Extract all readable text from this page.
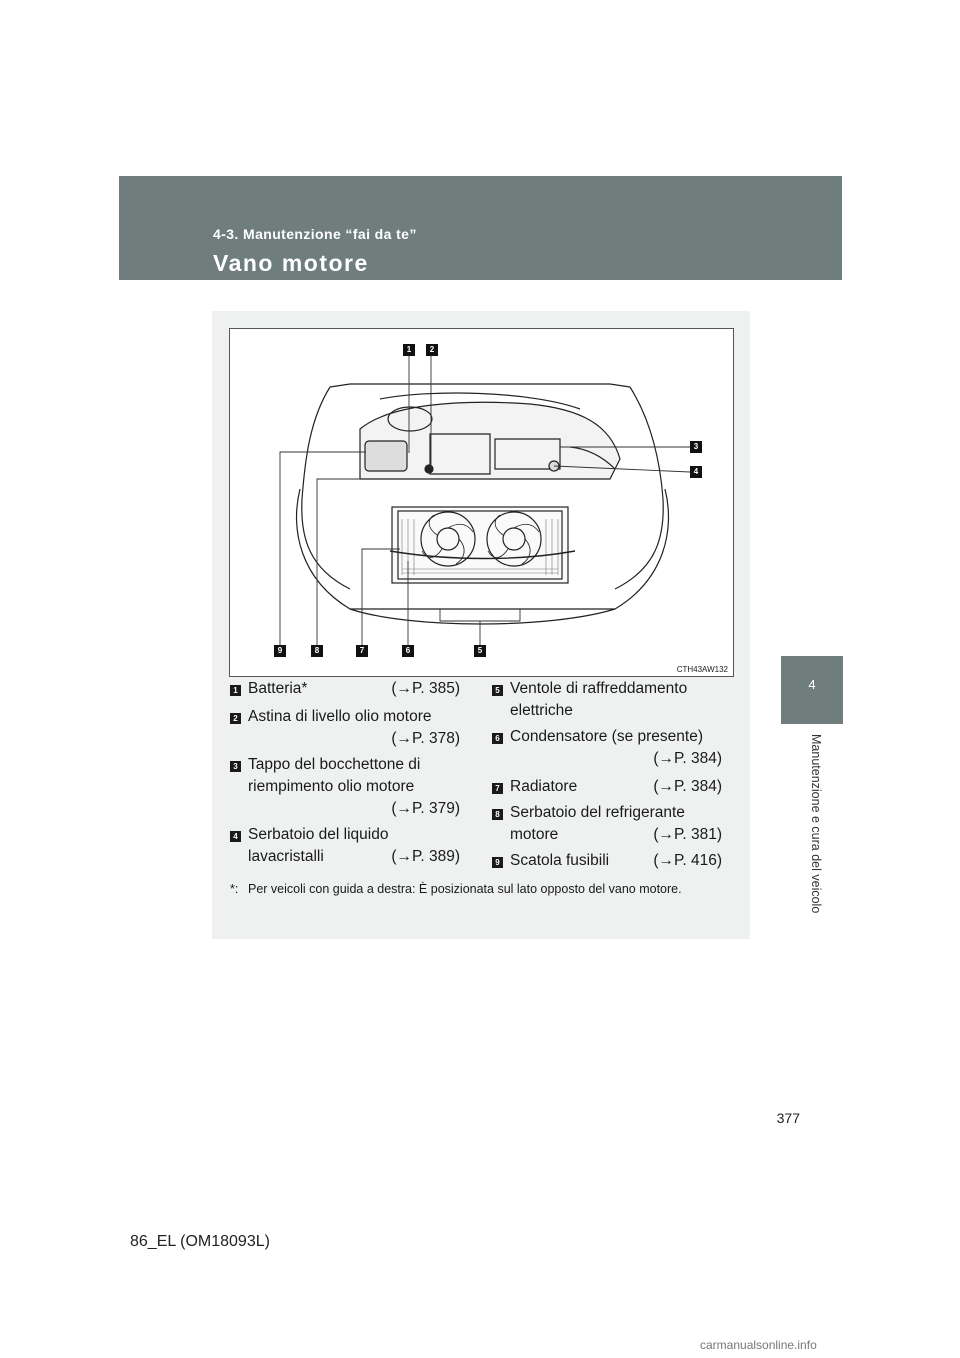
4-3. Manutenzione “fai da te”
Vano motore
4
Manutenzione e cura del veicolo
1	2
3
4
5
6
7
8
9
CTH43AW132
1 Batteria*	(→P. 385)
2 Astina di livello olio motore
(→P. 378)
3 Tappo del bocchettone di
riempimento olio motore
(→P. 379)
4 Serbatoio del liquido
lavacristalli	(→P. 389)
5 Ventole di raffreddamento
elettriche
6 Condensatore (se presente)
(→P. 384)
7 Radiatore	(→P. 384)
8 Serbatoio del refrigerante
motore	(→P. 381)
9 Scatola fusibili	(→P. 416)
*: Per veicoli con guida a destra: È posizionata sul lato opposto del vano motore.
377
86_EL (OM18093L)
carmanualsonline.info
